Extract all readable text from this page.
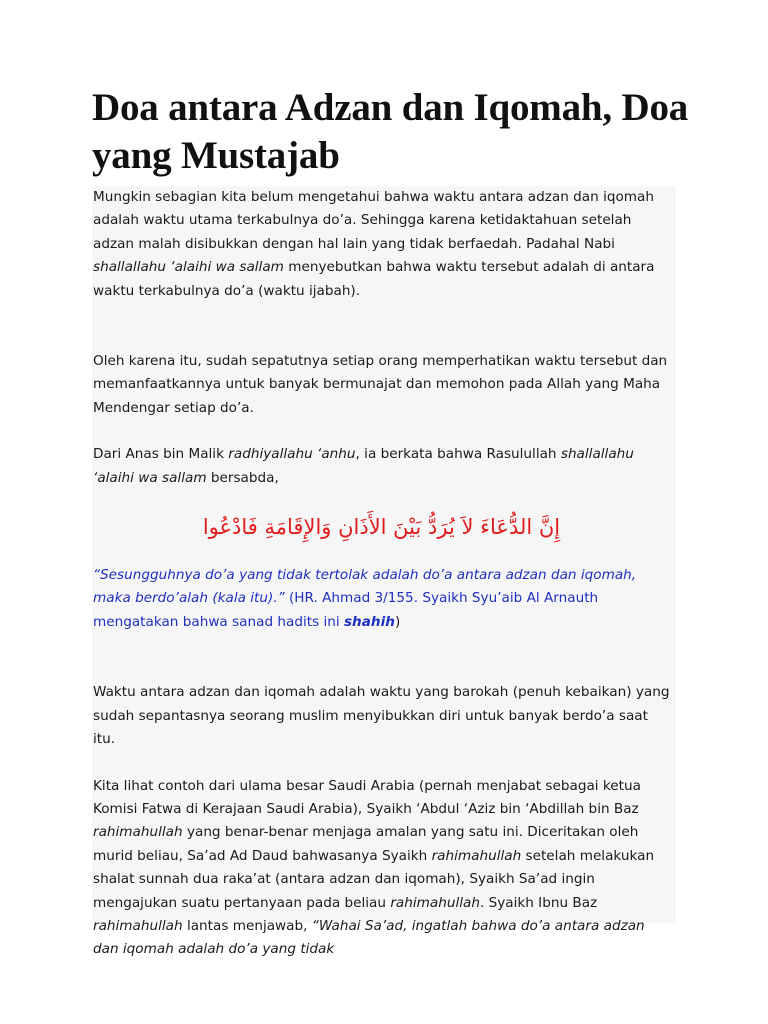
Doa antara Adzan dan Iqomah, Doa yang Mustajab

Mungkin sebagian kita belum mengetahui bahwa waktu antara adzan dan iqomah adalah waktu utama terkabulnya do’a. Sehingga karena ketidaktahuan setelah adzan malah disibukkan dengan hal lain yang tidak berfaedah. Padahal Nabi shallallahu ‘alaihi wa sallam menyebutkan bahwa waktu tersebut adalah di antara waktu terkabulnya do’a (waktu ijabah).

Oleh karena itu, sudah sepatutnya setiap orang memperhatikan waktu tersebut dan memanfaatkannya untuk banyak bermunajat dan memohon pada Allah yang Maha Mendengar setiap do’a.

Dari Anas bin Malik radhiyallahu ‘anhu, ia berkata bahwa Rasulullah shallallahu ‘alaihi wa sallam bersabda,

إِنَّ الدُّعَاءَ لاَ يُرَدُّ بَيْنَ الأَذَانِ وَالإِقَامَةِ فَادْعُوا

“Sesungguhnya do’a yang tidak tertolak adalah do’a antara adzan dan iqomah, maka berdo’alah (kala itu).” (HR. Ahmad 3/155. Syaikh Syu’aib Al Arnauth mengatakan bahwa sanad hadits ini shahih)

Waktu antara adzan dan iqomah adalah waktu yang barokah (penuh kebaikan) yang sudah sepantasnya seorang muslim menyibukkan diri untuk banyak berdo’a saat itu.

Kita lihat contoh dari ulama besar Saudi Arabia (pernah menjabat sebagai ketua Komisi Fatwa di Kerajaan Saudi Arabia), Syaikh ‘Abdul ‘Aziz bin ‘Abdillah bin Baz rahimahullah yang benar-benar menjaga amalan yang satu ini. Diceritakan oleh murid beliau, Sa’ad Ad Daud bahwasanya Syaikh rahimahullah setelah melakukan shalat sunnah dua raka’at (antara adzan dan iqomah), Syaikh Sa’ad ingin mengajukan suatu pertanyaan pada beliau rahimahullah. Syaikh Ibnu Baz rahimahullah lantas menjawab, “Wahai Sa’ad, ingatlah bahwa do’a antara adzan dan iqomah adalah do’a yang tidak
